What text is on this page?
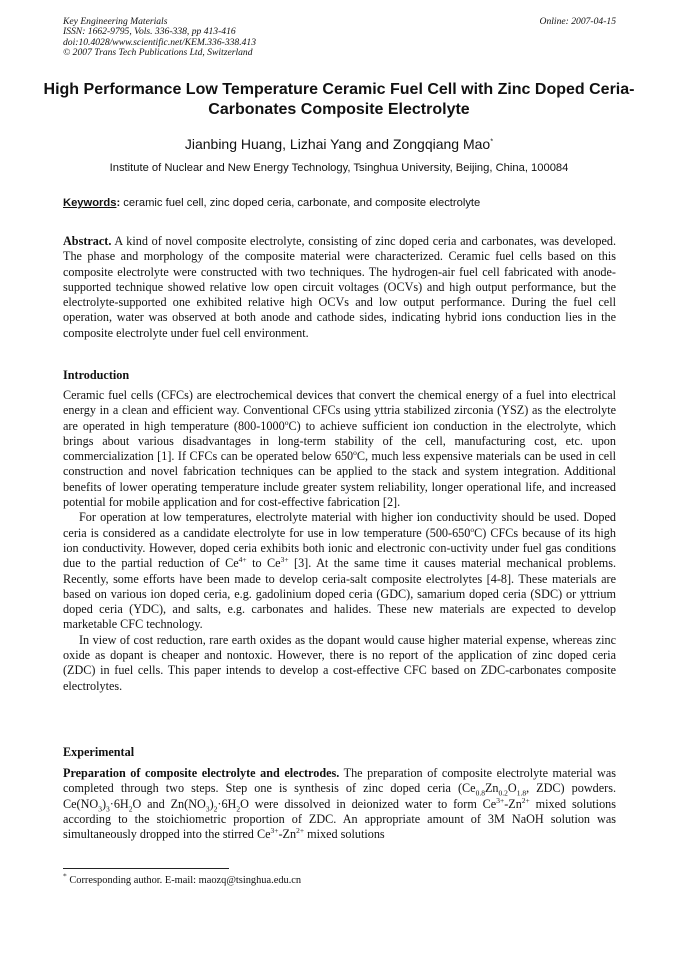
Key Engineering Materials
ISSN: 1662-9795, Vols. 336-338, pp 413-416
doi:10.4028/www.scientific.net/KEM.336-338.413
© 2007 Trans Tech Publications Ltd, Switzerland
Online: 2007-04-15
High Performance Low Temperature Ceramic Fuel Cell with Zinc Doped Ceria-Carbonates Composite Electrolyte
Jianbing Huang, Lizhai Yang and Zongqiang Mao*
Institute of Nuclear and New Energy Technology, Tsinghua University, Beijing, China, 100084
Keywords: ceramic fuel cell, zinc doped ceria, carbonate, and composite electrolyte

Abstract. A kind of novel composite electrolyte, consisting of zinc doped ceria and carbonates, was developed. The phase and morphology of the composite material were characterized. Ceramic fuel cells based on this composite electrolyte were constructed with two techniques. The hydrogen-air fuel cell fabricated with anode-supported technique showed relative low open circuit voltages (OCVs) and high output performance, but the electrolyte-supported one exhibited relative high OCVs and low output performance. During the fuel cell operation, water was observed at both anode and cathode sides, indicating hybrid ions conduction lies in the composite electrolyte under fuel cell environment.

Introduction

Ceramic fuel cells (CFCs) are electrochemical devices that convert the chemical energy of a fuel into electrical energy in a clean and efficient way. Conventional CFCs using yttria stabilized zirconia (YSZ) as the electrolyte are operated in high temperature (800-1000$^o$C) to achieve sufficient ion conduction in the electrolyte, which brings about various disadvantages in long-term stability of the cell, manufacturing cost, etc. upon commercialization [1]. If CFCs can be operated below 650$^o$C, much less expensive materials can be used in cell construction and novel fabrication techniques can be applied to the stack and system integration. Additional benefits of lower operating temperature include greater system reliability, longer operational life, and increased potential for mobile application and for cost-effective fabrication [2].

For operation at low temperatures, electrolyte material with higher ion conductivity should be used. Doped ceria is considered as a candidate electrolyte for use in low temperature (500-650$^o$C) CFCs because of its high ion conductivity. However, doped ceria exhibits both ionic and electronic con-uctivity under fuel gas conditions due to the partial reduction of $Ce^{4+}$ to $Ce^{3+}$ [3]. At the same time it causes material mechanical problems. Recently, some efforts have been made to develop ceria-salt composite electrolytes [4-8]. These materials are based on various ion doped ceria, e.g. gadolinium doped ceria (GDC), samarium doped ceria (SDC) or yttrium doped ceria (YDC), and salts, e.g. carbonates and halides. These new materials are expected to develop marketable CFC technology.

In view of cost reduction, rare earth oxides as the dopant would cause higher material expense, whereas zinc oxide as dopant is cheaper and nontoxic. However, there is no report of the application of zinc doped ceria (ZDC) in fuel cells. This paper intends to develop a cost-effective CFC based on ZDC-carbonates composite electrolytes.

Experimental

Preparation of composite electrolyte and electrodes. The preparation of composite electrolyte material was completed through two steps. Step one is synthesis of zinc doped ceria ($Ce_{0.8}Zn_{0.2}O_{1.8}$, ZDC) powders. $Ce(NO_3)_3\cdot 6H_2O$ and $Zn(NO_3)_2\cdot 6H_2O$ were dissolved in deionized water to form $Ce^{3+}-Zn^{2+}$ mixed solutions according to the stoichiometric proportion of ZDC. An appropriate amount of 3M NaOH solution was simultaneously dropped into the stirred $Ce^{3+}-Zn^{2+}$ mixed solutions

* Corresponding author. E-mail: maozq@tsinghua.edu.cn
